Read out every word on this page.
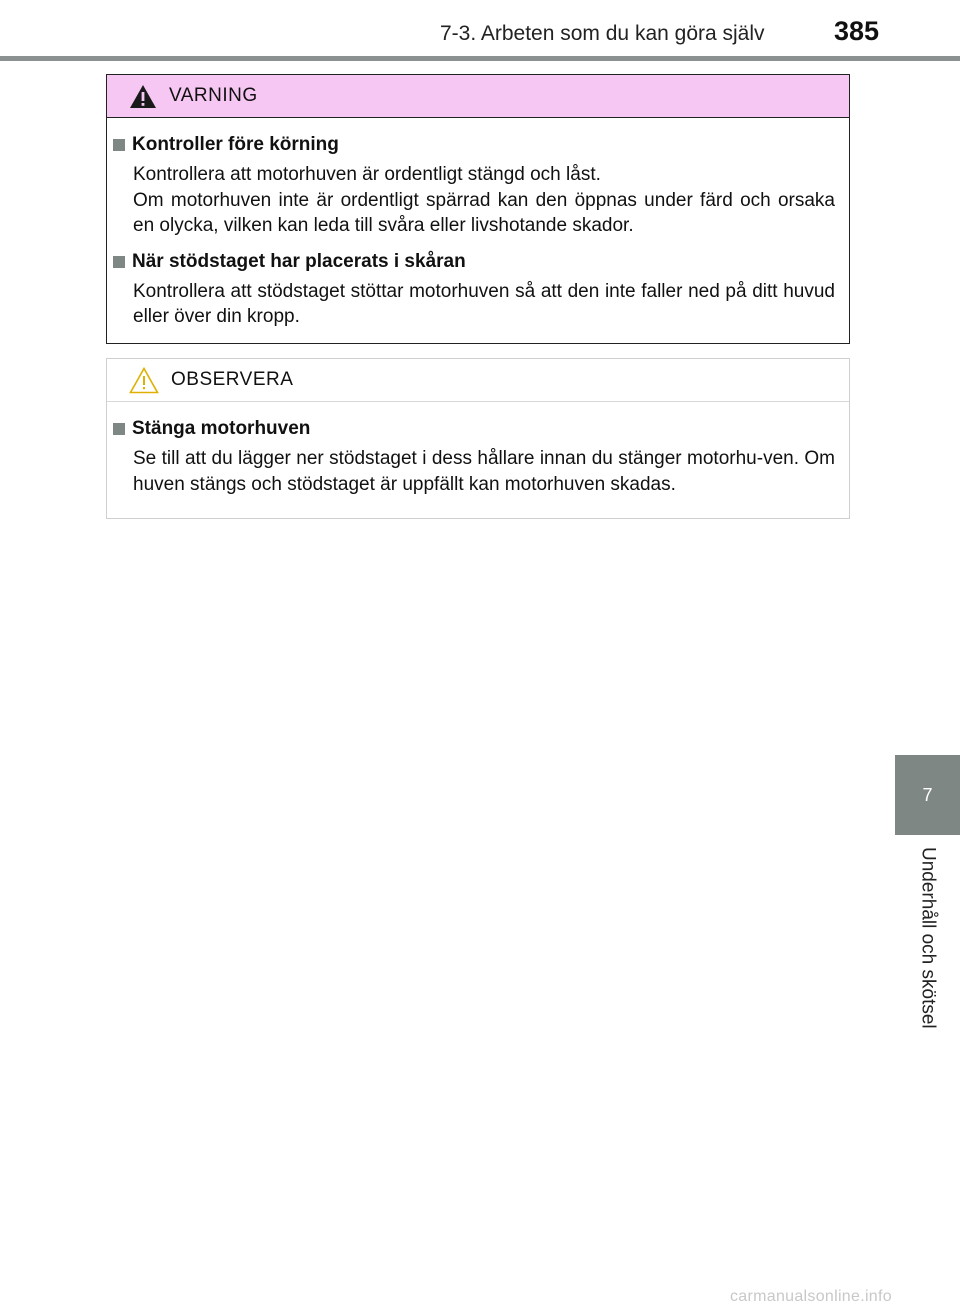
7-3. Arbeten som du kan göra själv	385
7
Underhåll och skötsel
VARNING
Kontroller före körning
Kontrollera att motorhuven är ordentligt stängd och låst.
Om motorhuven inte är ordentligt spärrad kan den öppnas under färd och orsaka en olycka, vilken kan leda till svåra eller livshotande skador.
När stödstaget har placerats i skåran
Kontrollera att stödstaget stöttar motorhuven så att den inte faller ned på ditt huvud eller över din kropp.
OBSERVERA
Stänga motorhuven
Se till att du lägger ner stödstaget i dess hållare innan du stänger motorhu-ven. Om huven stängs och stödstaget är uppfällt kan motorhuven skadas.
carmanualsonline.info
